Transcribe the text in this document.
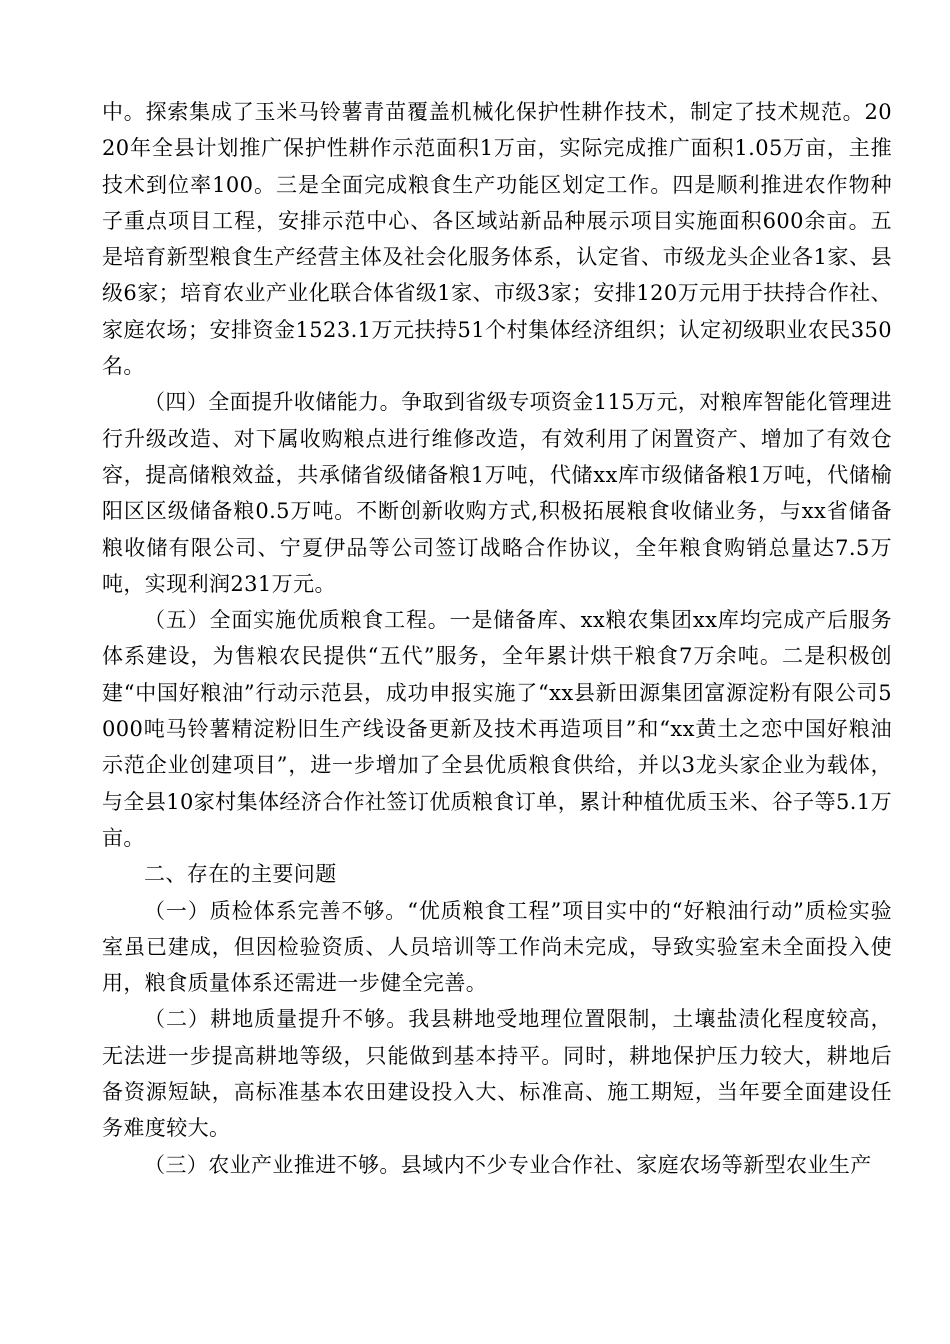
中。探索集成了玉米马铃薯青苗覆盖机械化保护性耕作技术，制定了技术规范。2020年全县计划推广保护性耕作示范面积1万亩，实际完成推广面积1.05万亩，主推技术到位率100。三是全面完成粮食生产功能区划定工作。四是顺利推进农作物种子重点项目工程，安排示范中心、各区域站新品种展示项目实施面积600余亩。五是培育新型粮食生产经营主体及社会化服务体系，认定省、市级龙头企业各1家、县级6家；培育农业产业化联合体省级1家、市级3家；安排120万元用于扶持合作社、家庭农场；安排资金1523.1万元扶持51个村集体经济组织；认定初级职业农民350名。

（四）全面提升收储能力。争取到省级专项资金115万元，对粮库智能化管理进行升级改造、对下属收购粮点进行维修改造，有效利用了闲置资产、增加了有效仓容，提高储粮效益，共承储省级储备粮1万吨，代储xx库市级储备粮1万吨，代储榆阳区区级储备粮0.5万吨。不断创新收购方式,积极拓展粮食收储业务，与xx省储备粮收储有限公司、宁夏伊品等公司签订战略合作协议，全年粮食购销总量达7.5万吨，实现利润231万元。

（五）全面实施优质粮食工程。一是储备库、xx粮农集团xx库均完成产后服务体系建设，为售粮农民提供“五代”服务，全年累计烘干粮食7万余吨。二是积极创建“中国好粮油”行动示范县，成功申报实施了“xx县新田源集团富源淀粉有限公司5000吨马铃薯精淀粉旧生产线设备更新及技术再造项目”和“xx黄土之恋中国好粮油示范企业创建项目”，进一步增加了全县优质粮食供给，并以3龙头家企业为载体，与全县10家村集体经济合作社签订优质粮食订单，累计种植优质玉米、谷子等5.1万亩。

二、存在的主要问题

（一）质检体系完善不够。“优质粮食工程”项目实中的“好粮油行动”质检实验室虽已建成，但因检验资质、人员培训等工作尚未完成，导致实验室未全面投入使用，粮食质量体系还需进一步健全完善。

（二）耕地质量提升不够。我县耕地受地理位置限制，土壤盐渍化程度较高，无法进一步提高耕地等级，只能做到基本持平。同时，耕地保护压力较大，耕地后备资源短缺，高标准基本农田建设投入大、标准高、施工期短，当年要全面建设任务难度较大。

（三）农业产业推进不够。县域内不少专业合作社、家庭农场等新型农业生产
